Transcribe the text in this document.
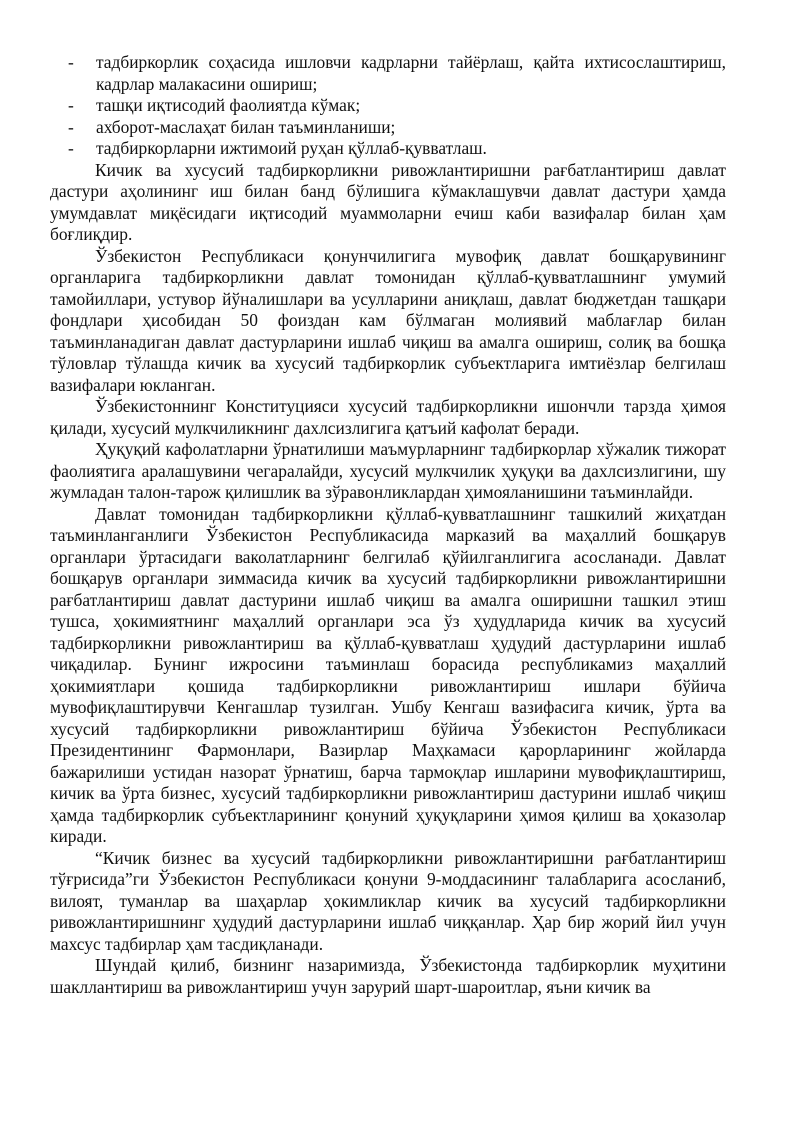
- тадбиркорлик соҳасида ишловчи кадрларни тайёрлаш, қайта ихтисослаштириш, кадрлар малакасини ошириш;
- ташқи иқтисодий фаолиятда кўмак;
- ахборот-маслаҳат билан таъминланиши;
- тадбиркорларни ижтимоий руҳан қўллаб-қувватлаш.

Кичик ва хусусий тадбиркорликни ривожлантиришни рағбатлантириш давлат дастури аҳолининг иш билан банд бўлишига кўмаклашувчи давлат дастури ҳамда умумдавлат миқёсидаги иқтисодий муаммоларни ечиш каби вазифалар билан ҳам боғлиқдир.

Ўзбекистон Республикаси қонунчилигига мувофиқ давлат бошқарувининг органларига тадбиркорликни давлат томонидан қўллаб-қувватлашнинг умумий тамойиллари, устувор йўналишлари ва усулларини аниқлаш, давлат бюджетдан ташқари фондлари ҳисобидан 50 фоиздан кам бўлмаган молиявий маблағлар билан таъминланадиган давлат дастурларини ишлаб чиқиш ва амалга ошириш, солиқ ва бошқа тўловлар тўлашда кичик ва хусусий тадбиркорлик субъектларига имтиёзлар белгилаш вазифалари юкланган.

Ўзбекистоннинг Конституцияси хусусий тадбиркорликни ишончли тарзда ҳимоя қилади, хусусий мулкчиликнинг дахлсизлигига қатъий кафолат беради.

Ҳуқуқий кафолатларни ўрнатилиши маъмурларнинг тадбиркорлар хўжалик тижорат фаолиятига аралашувини чегаралайди, хусусий мулкчилик ҳуқуқи ва дахлсизлигини, шу жумладан талон-тарож қилишлик ва зўравонликлардан ҳимояланишини таъминлайди.

Давлат томонидан тадбиркорликни қўллаб-қувватлашнинг ташкилий жиҳатдан таъминланганлиги Ўзбекистон Республикасида марказий ва маҳаллий бошқарув органлари ўртасидаги ваколатларнинг белгилаб қўйилганлигига асосланади. Давлат бошқарув органлари зиммасида кичик ва хусусий тадбиркорликни ривожлантиришни рағбатлантириш давлат дастурини ишлаб чиқиш ва амалга оширишни ташкил этиш тушса, ҳокимиятнинг маҳаллий органлари эса ўз ҳудудларида кичик ва хусусий тадбиркорликни ривожлантириш ва қўллаб-қувватлаш ҳудудий дастурларини ишлаб чиқадилар. Бунинг ижросини таъминлаш борасида республикамиз маҳаллий ҳокимиятлари қошида тадбиркорликни ривожлантириш ишлари бўйича мувофиқлаштирувчи Кенгашлар тузилган. Ушбу Кенгаш вазифасига кичик, ўрта ва хусусий тадбиркорликни ривожлантириш бўйича Ўзбекистон Республикаси Президентининг Фармонлари, Вазирлар Маҳкамаси қарорларининг жойларда бажарилиши устидан назорат ўрнатиш, барча тармоқлар ишларини мувофиқлаштириш, кичик ва ўрта бизнес, хусусий тадбиркорликни ривожлантириш дастурини ишлаб чиқиш ҳамда тадбиркорлик субъектларининг қонуний ҳуқуқларини ҳимоя қилиш ва ҳоказолар киради.

“Кичик бизнес ва хусусий тадбиркорликни ривожлантиришни рағбатлантириш тўғрисида”ги Ўзбекистон Республикаси қонуни 9-моддасининг талабларига асосланиб, вилоят, туманлар ва шаҳарлар ҳокимликлар кичик ва хусусий тадбиркорликни ривожлантиришнинг ҳудудий дастурларини ишлаб чиққанлар. Ҳар бир жорий йил учун махсус тадбирлар ҳам тасдиқланади.

Шундай қилиб, бизнинг назаримизда, Ўзбекистонда тадбиркорлик муҳитини шакллантириш ва ривожлантириш учун зарурий шарт-шароитлар, яъни кичик ва
